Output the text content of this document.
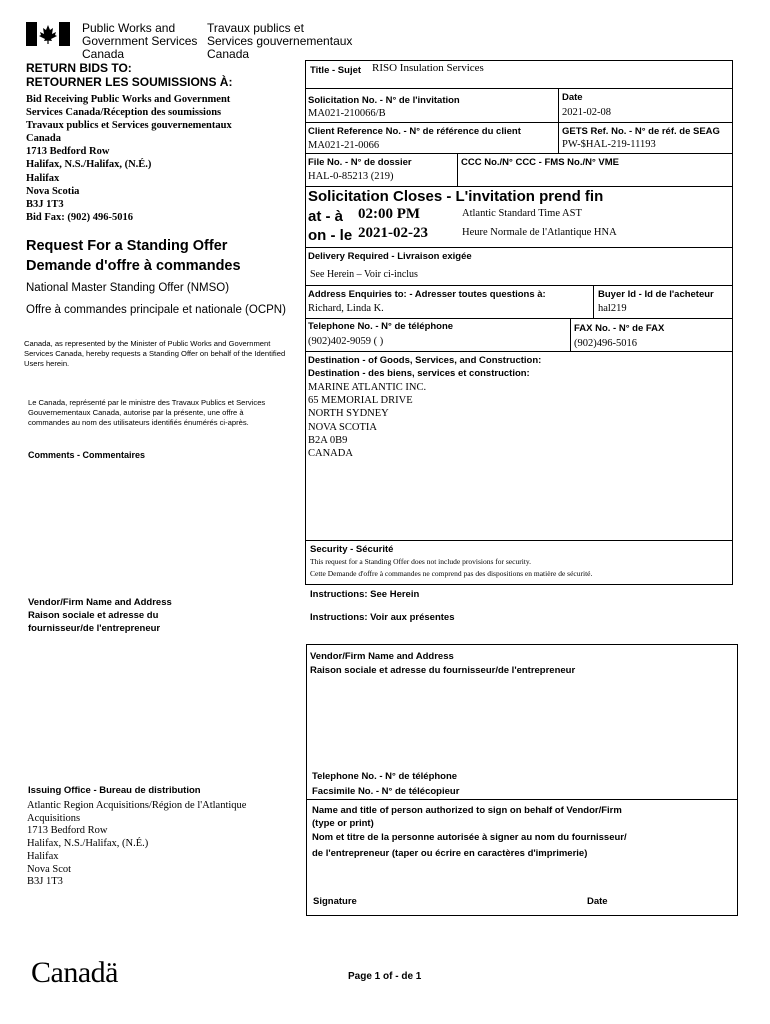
Public Works and
Government Services
Canada
Travaux publics et
Services gouvernementaux
Canada
RETURN BIDS TO:
RETOURNER LES SOUMISSIONS À:
Bid Receiving Public Works and Government
Services Canada/Réception des soumissions
Travaux publics et Services gouvernementaux
Canada
1713 Bedford Row
Halifax, N.S./Halifax, (N.É.)
Halifax
Nova Scotia
B3J 1T3
Bid Fax: (902) 496-5016
Request For a Standing Offer
Demande d'offre à commandes
National Master Standing Offer (NMSO)
Offre à commandes principale et nationale (OCPN)
Canada, as represented by the Minister of Public Works and Government Services Canada, hereby requests a Standing Offer on behalf of the Identified Users herein.
Le Canada, représenté par le ministre des Travaux Publics et Services Gouvernementaux Canada, autorise par la présente, une offre à commandes au nom des utilisateurs identifiés énumérés ci-après.
Comments - Commentaires
Vendor/Firm Name and Address
Raison sociale et adresse du
fournisseur/de l'entrepreneur
Issuing Office - Bureau de distribution
Atlantic Region Acquisitions/Région de l'Atlantique
Acquisitions
1713 Bedford Row
Halifax, N.S./Halifax, (N.É.)
Halifax
Nova Scot
B3J 1T3
Title - Sujet RISO Insulation Services
Solicitation No. - N° de l'invitation
MA021-210066/B
Date
2021-02-08
Client Reference No. - N° de référence du client
MA021-21-0066
GETS Ref. No. - N° de réf. de SEAG
PW-$HAL-219-11193
File No. - N° de dossier
HAL-0-85213 (219)
CCC No./N° CCC - FMS No./N° VME
Solicitation Closes - L'invitation prend fin
at - à 02:00 PM	Atlantic Standard Time AST
on - le 2021-02-23	Heure Normale de l'Atlantique HNA
Delivery Required - Livraison exigée
See Herein – Voir ci-inclus
Address Enquiries to: - Adresser toutes questions à:
Richard, Linda K.
Buyer Id - Id de l'acheteur
hal219
Telephone No. - N° de téléphone
(902)402-9059 ( )
FAX No. - N° de FAX
(902)496-5016
Destination - of Goods, Services, and Construction:
Destination - des biens, services et construction:
MARINE ATLANTIC INC.
65 MEMORIAL DRIVE
NORTH SYDNEY
NOVA SCOTIA
B2A 0B9
CANADA
Security - Sécurité
This request for a Standing Offer does not include provisions for security.
Cette Demande d'offre à commandes ne comprend pas des dispositions en matière de sécurité.
Instructions: See Herein
Instructions: Voir aux présentes
Vendor/Firm Name and Address
Raison sociale et adresse du fournisseur/de l'entrepreneur
Telephone No. - N° de téléphone
Facsimile No. - N° de télécopieur
Name and title of person authorized to sign on behalf of Vendor/Firm
(type or print)
Nom et titre de la personne autorisée à signer au nom du fournisseur/
de l'entrepreneur (taper ou écrire en caractères d'imprimerie)
Signature	Date
Canadä	Page 1 of - de 1
